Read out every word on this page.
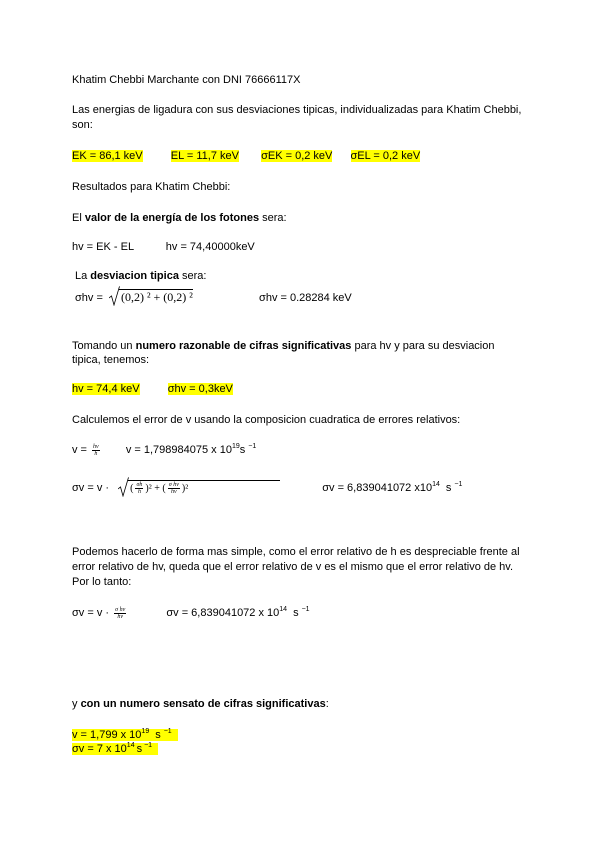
Khatim Chebbi Marchante con DNI 76666117X
Las energias de ligadura con sus desviaciones tipicas, individualizadas para Khatim Chebbi,
son:
EK = 86,1 keV	EL = 11,7 keV σEK = 0,2 keV σEL = 0,2 keV
Resultados para Khatim Chebbi:
El valor de la energía de los fotones sera:
hv = EK - EL	hv = 74,40000keV
La desviacion tipica sera:
σhv = (0,2) ² + (0,2) ²	σhv = 0.28284 keV
Tomando un numero razonable de cifras significativas para hv y para su desviacion
tipica, tenemos:
hv = 74,4 keV	σhv = 0,3keV
Calculemos el error de v usando la composicion cuadratica de errores relativos:
$v = \frac{hv}{h}$ v = 1,798984075 x $10^{19}s$ $^{-1}$
σv = v ·
( $\frac{\sigma h}{h} )^2$ + ( $\frac{\text{σ hv}}{hv} )^2$	σv = 6,839041072 $x10^{14}$ s $^{-1}$
Podemos hacerlo de forma mas simple, como el error relativo de h es despreciable frente al
error relativo de hv, queda que el error relativo de v es el mismo que el error relativo de hv.
Por lo tanto:
$\sigma v = v \cdot \frac{\text{σ hv}}{hv}$	σv = 6,839041072 x $10^{14}$ s $^{-1}$
y con un numero sensato de cifras significativas:
v = 1,799 x $10^{19}$ s $^{-1}$
σv = 7 x $10^{14}$ s $^{-1}$
